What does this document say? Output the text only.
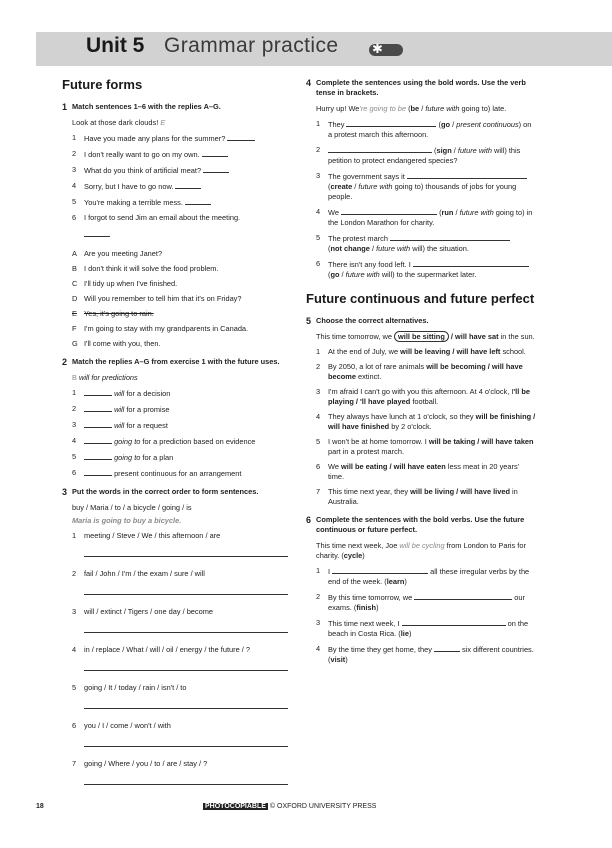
Unit 5 Grammar practice	✱
Future forms
1 Match sentences 1–6 with the replies A–G.
Look at those dark clouds! E
1	Have you made any plans for the summer?
2	I don't really want to go on my own.
3	What do you think of artificial meat?
4	Sorry, but I have to go now.
5	You're making a terrible mess.
6	I forgot to send Jim an email about the meeting.
A Are you meeting Janet?
B I don't think it will solve the food problem.
C I'll tidy up when I've finished.
D Will you remember to tell him that it's on Friday?
E Yes, it's going to rain.
F	I'm going to stay with my grandparents in Canada.
G I'll come with you, then.
2 Match the replies A–G from exercise 1 with the future uses.
B will for predictions
1	will for a decision
2	will for a promise
3	will for a request
4	going to for a prediction based on evidence
5	going to for a plan
6	present continuous for an arrangement
3 Put the words in the correct order to form sentences.
buy / Maria / to / a bicycle / going / is
Maria is going to buy a bicycle.
1	meeting / Steve / We / this afternoon / are
2	fail / John / I'm / the exam / sure / will
3	will / extinct / Tigers / one day / become
4	in / replace / What / will / oil / energy / the future / ?
5	going / It / today / rain / isn't / to
6	you / I / come / won't / with
7	going / Where / you / to / are / stay / ?
4 Complete the sentences using the bold words. Use the verb tense in brackets.
Hurry up! We're going to be (be / future with going to) late.
1	They	(go / present continuous) on a protest march this afternoon.
2	(sign / future with will) this petition to protect endangered species?
3	The government says it
(create / future with going to) thousands of jobs for young people.
4	We	(run / future with going to) in the London Marathon for charity.
5	The protest march
(not change / future with will) the situation.
6	There isn't any food left. I  (go / future with will) to the supermarket later.
Future continuous and future perfect
5 Choose the correct alternatives.
This time tomorrow, we will be sitting / will have sat in the sun.
1	At the end of July, we will be leaving / will have left school.
2	By 2050, a lot of rare animals will be becoming / will have become extinct.
3	I'm afraid I can't go with you this afternoon. At 4 o'clock, I'll be playing / 'll have played football.
4	They always have lunch at 1 o'clock, so they will be finishing / will have finished by 2 o'clock.
5	I won't be at home tomorrow. I will be taking / will have taken part in a protest march.
6	We will be eating / will have eaten less meat in 20 years' time.
7	This time next year, they will be living / will have lived in Australia.
6 Complete the sentences with the bold verbs. Use the future continuous or future perfect.
This time next week, Joe will be cycling from London to Paris for charity. (cycle)
1	I	all these irregular verbs by the end of the week. (learn)
2	By this time tomorrow, we	our exams. (finish)
3	This time next week, I	on the beach in Costa Rica. (lie)
4	By the time they get home, they	six different countries. (visit)
18	PHOTOCOPIABLE © OXFORD UNIVERSITY PRESS
